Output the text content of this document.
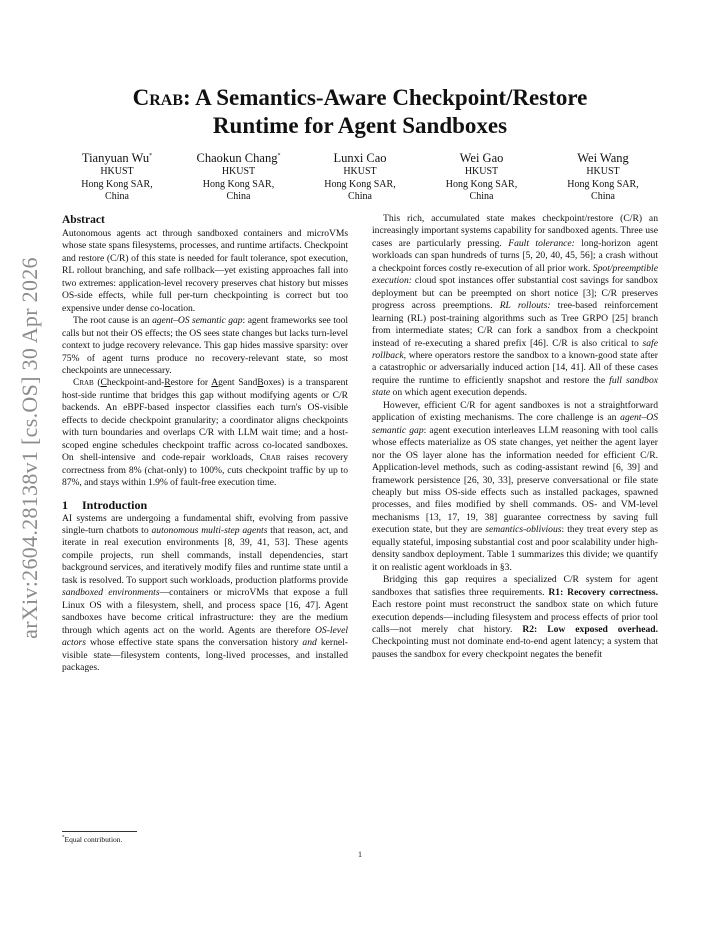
arXiv:2604.28138v1 [cs.OS] 30 Apr 2026
Crab: A Semantics-Aware Checkpoint/Restore
Runtime for Agent Sandboxes
Tianyuan Wu*
HKUST
Hong Kong SAR,
China
Chaokun Chang*
HKUST
Hong Kong SAR,
China
Lunxi Cao
HKUST
Hong Kong SAR,
China
Wei Gao
HKUST
Hong Kong SAR,
China
Wei Wang
HKUST
Hong Kong SAR,
China
Abstract

Autonomous agents act through sandboxed containers and microVMs whose state spans filesystems, processes, and runtime artifacts. Checkpoint and restore (C/R) of this state is needed for fault tolerance, spot execution, RL rollout branching, and safe rollback—yet existing approaches fall into two extremes: application-level recovery preserves chat history but misses OS-side effects, while full per-turn checkpointing is correct but too expensive under dense co-location.

The root cause is an agent–OS semantic gap: agent frameworks see tool calls but not their OS effects; the OS sees state changes but lacks turn-level context to judge recovery relevance. This gap hides massive sparsity: over 75% of agent turns produce no recovery-relevant state, so most checkpoints are unnecessary.

Crab (Checkpoint-and-Restore for Agent SandBoxes) is a transparent host-side runtime that bridges this gap without modifying agents or C/R backends. An eBPF-based inspector classifies each turn's OS-visible effects to decide checkpoint granularity; a coordinator aligns checkpoints with turn boundaries and overlaps C/R with LLM wait time; and a host-scoped engine schedules checkpoint traffic across co-located sandboxes. On shell-intensive and code-repair workloads, Crab raises recovery correctness from 8% (chat-only) to 100%, cuts checkpoint traffic by up to 87%, and stays within 1.9% of fault-free execution time.

1 Introduction

AI systems are undergoing a fundamental shift, evolving from passive single-turn chatbots to autonomous multi-step agents that reason, act, and iterate in real execution environments [8, 39, 41, 53]. These agents compile projects, run shell commands, install dependencies, start background services, and iteratively modify files and runtime state until a task is resolved. To support such workloads, production platforms provide sandboxed environments—containers or microVMs that expose a full Linux OS with a filesystem, shell, and process space [16, 47]. Agent sandboxes have become critical infrastructure: they are the medium through which agents act on the world. Agents are therefore OS-level actors whose effective state spans the conversation history and kernel-visible state—filesystem contents, long-lived processes, and installed packages.

This rich, accumulated state makes checkpoint/restore (C/R) an increasingly important systems capability for sandboxed agents. Three use cases are particularly pressing. Fault tolerance: long-horizon agent workloads can span hundreds of turns [5, 20, 40, 45, 56]; a crash without a checkpoint forces costly re-execution of all prior work. Spot/preemptible execution: cloud spot instances offer substantial cost savings for sandbox deployment but can be preempted on short notice [3]; C/R preserves progress across preemptions. RL rollouts: tree-based reinforcement learning (RL) post-training algorithms such as Tree GRPO [25] branch from intermediate states; C/R can fork a sandbox from a checkpoint instead of re-executing a shared prefix [46]. C/R is also critical to safe rollback, where operators restore the sandbox to a known-good state after a catastrophic or adversarially induced action [14, 41]. All of these cases require the runtime to efficiently snapshot and restore the full sandbox state on which agent execution depends.

However, efficient C/R for agent sandboxes is not a straightforward application of existing mechanisms. The core challenge is an agent–OS semantic gap: agent execution interleaves LLM reasoning with tool calls whose effects materialize as OS state changes, yet neither the agent layer nor the OS layer alone has the information needed for efficient C/R. Application-level methods, such as coding-assistant rewind [6, 39] and framework persistence [26, 30, 33], preserve conversational or file state cheaply but miss OS-side effects such as installed packages, spawned processes, and files modified by shell commands. OS- and VM-level mechanisms [13, 17, 19, 38] guarantee correctness by saving full execution state, but they are semantics-oblivious: they treat every step as equally stateful, imposing substantial cost and poor scalability under high-density sandbox deployment. Table 1 summarizes this divide; we quantify it on realistic agent workloads in §3.

Bridging this gap requires a specialized C/R system for agent sandboxes that satisfies three requirements. R1: Recovery correctness. Each restore point must reconstruct the sandbox state on which future execution depends—including filesystem and process effects of prior tool calls—not merely chat history. R2: Low exposed overhead. Checkpointing must not dominate end-to-end agent latency; a system that pauses the sandbox for every checkpoint negates the benefit

*Equal contribution.
1
